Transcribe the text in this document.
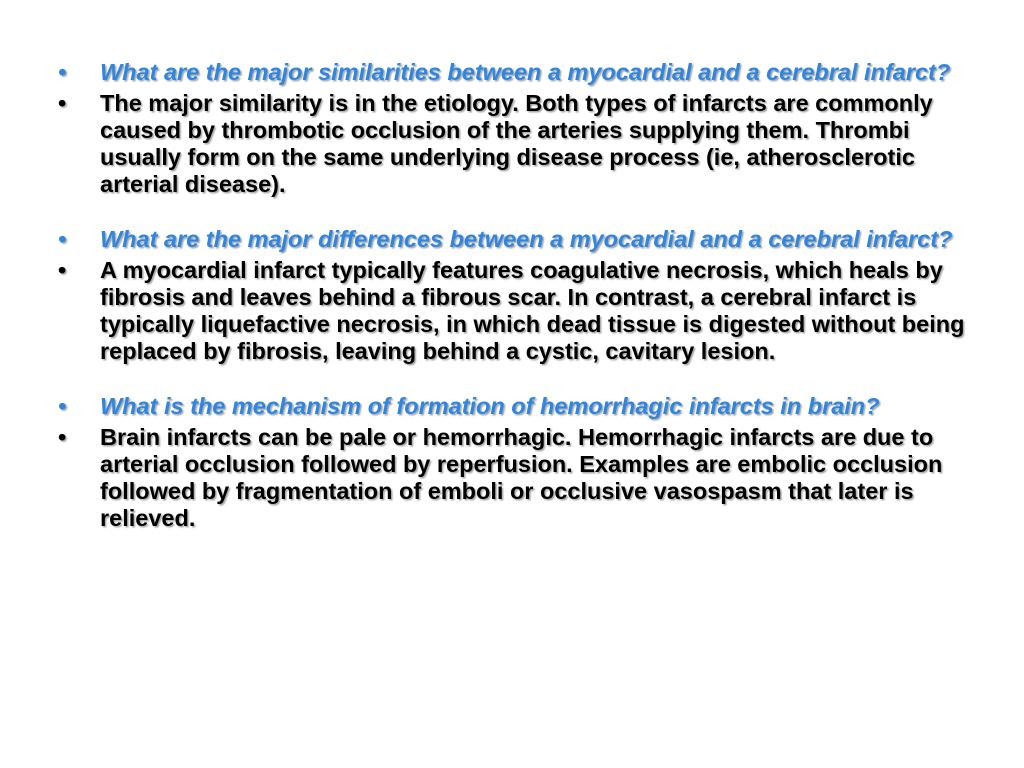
•	What are the major similarities between a myocardial and a cerebral infarct?
•	The major similarity is in the etiology. Both types of infarcts are commonly caused by thrombotic occlusion of the arteries supplying them. Thrombi usually form on the same underlying disease process (ie, atherosclerotic arterial disease).
•	What are the major differences between a myocardial and a cerebral infarct?
•	A myocardial infarct typically features coagulative necrosis, which heals by fibrosis and leaves behind a fibrous scar. In contrast, a cerebral infarct is typically liquefactive necrosis, in which dead tissue is digested without being replaced by fibrosis, leaving behind a cystic, cavitary lesion.
•	What is the mechanism of formation of hemorrhagic infarcts in brain?
•	Brain infarcts can be pale or hemorrhagic. Hemorrhagic infarcts are due to arterial occlusion followed by reperfusion. Examples are embolic occlusion followed by fragmentation of emboli or occlusive vasospasm that later is relieved.
